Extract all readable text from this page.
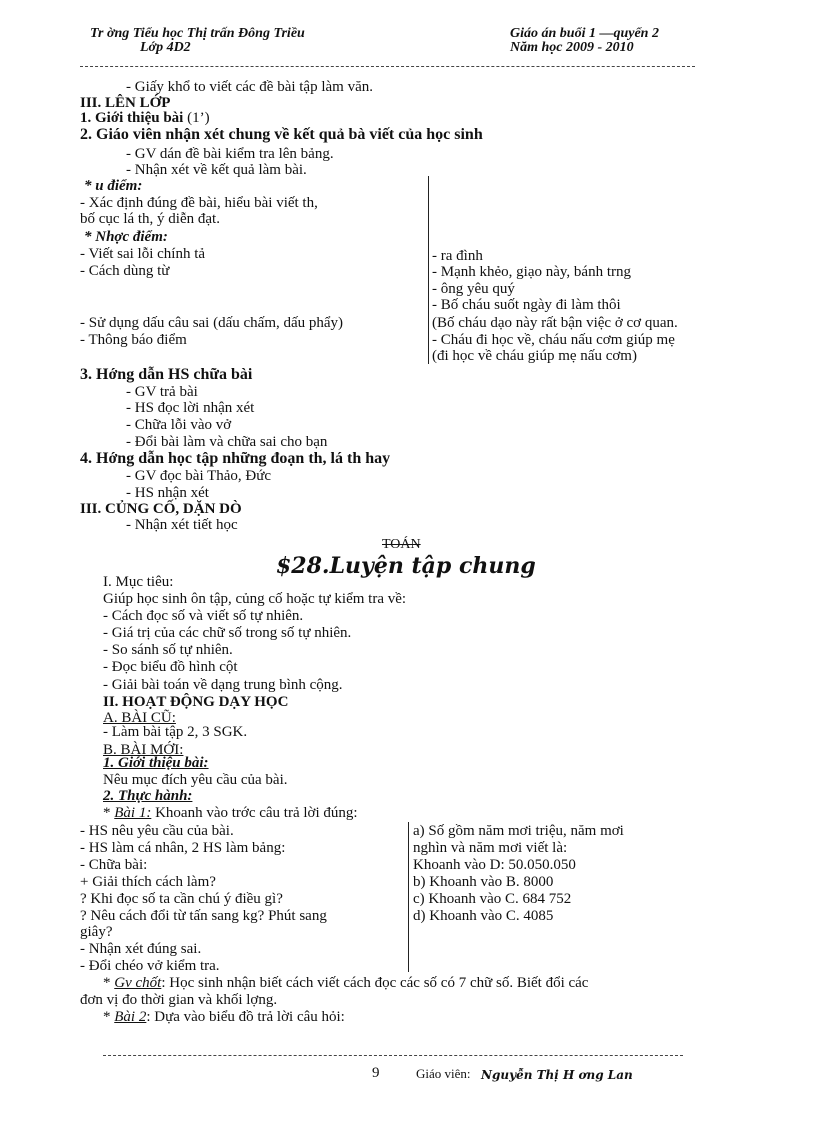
Tr ờng Tiểu học Thị trấn Đông Triều
Lớp 4D2
Giáo án buổi 1 —quyển 2
Năm học 2009 - 2010
- Giấy khổ to viết các đề bài tập làm văn.
III. LÊN LỚP
1. Giới thiệu bài (1’)
2. Giáo viên nhận xét chung về kết quả bà viết của học sinh
- GV dán đề bài kiểm tra lên bảng.
- Nhận xét về kết quả làm bài.
* u điểm:
- Xác định đúng đề bài, hiểu bài viết th,
bố cục lá th, ý diễn đạt.
* Nhợc điểm:
- Viết sai lỗi chính tả
- Cách dùng từ
- Sử dụng dấu câu sai (dấu chấm, dấu phẩy)
- Thông báo điểm
- ra đình
- Mạnh khẻo, giạo này, bánh trng
- ông yêu quý
- Bố cháu suốt ngày đi làm thôi
(Bố cháu dạo này rất bận việc ở cơ quan.
- Cháu đi học về, cháu nấu cơm giúp mẹ
(đi học về cháu giúp mẹ nấu cơm)
3. Hớng dẫn HS chữa bài
- GV trả bài
- HS đọc lời nhận xét
- Chữa lỗi vào vở
- Đổi bài làm và chữa sai cho bạn
4. Hớng dẫn học tập những đoạn th, lá th hay
- GV đọc bài Thảo, Đức
- HS nhận xét
III. CỦNG CỐ, DẶN DÒ
- Nhận xét tiết học
TOÁN
$28.Luyện tập chung
I. Mục tiêu:
Giúp học sinh ôn tập, củng cố hoặc tự kiểm tra về:
- Cách đọc số và viết số tự nhiên.
- Giá trị của các chữ số trong số tự nhiên.
- So sánh số tự nhiên.
- Đọc biểu đồ hình cột
- Giải bài toán về dạng trung bình cộng.
II. HOẠT ĐỘNG DẠY HỌC
A. BÀI CŨ:
- Làm bài tập 2, 3 SGK.
B. BÀI MỚI:
1. Giới thiệu bài:
Nêu mục đích yêu cầu của bài.
2. Thực hành:
* Bài 1: Khoanh vào trớc câu trả lời đúng:
- HS nêu yêu cầu của bài.
- HS làm cá nhân, 2 HS làm bảng:
- Chữa bài:
+ Giải thích cách làm?
? Khi đọc số ta cần chú ý điều gì?
? Nêu cách đổi từ tấn sang kg? Phút sang
giây?
- Nhận xét đúng sai.
- Đổi chéo vở kiểm tra.
a) Số gồm năm mơi triệu, năm mơi
nghìn và năm mơi viết là:
Khoanh vào D: 50.050.050
b) Khoanh vào B. 8000
c) Khoanh vào C. 684 752
d) Khoanh vào C. 4085
* Gv chốt: Học sinh nhận biết cách viết cách đọc các số có 7 chữ số. Biết đổi các
đơn vị đo thời gian và khối lợng.
* Bài 2: Dựa vào biểu đồ trả lời câu hỏi:
9	Giáo viên: Nguyễn Thị H ơng Lan
